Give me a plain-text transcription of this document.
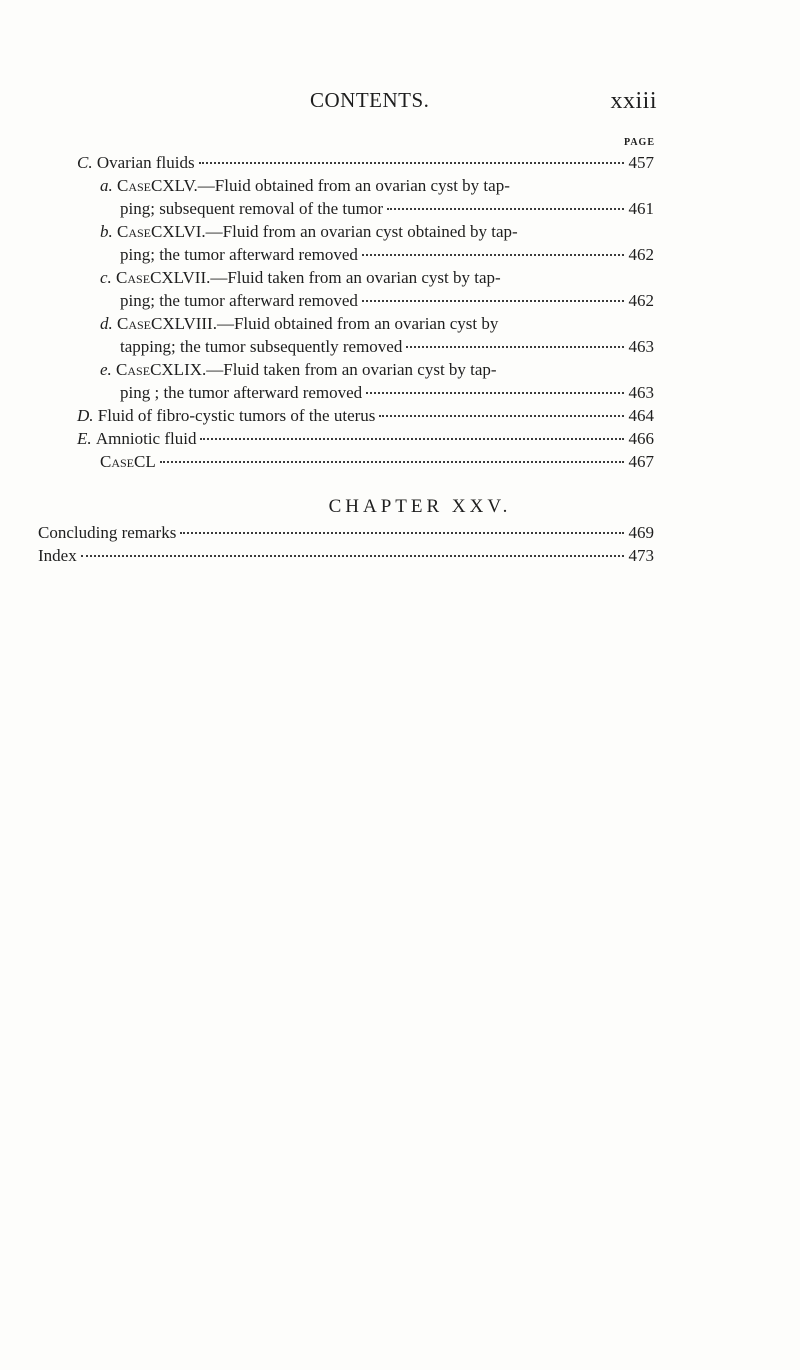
CONTENTS.	xxiii
PAGE
C.
Ovarian fluids	457
a.
Case CXLV.—Fluid obtained from an ovarian cyst by tap-
ping; subsequent removal of the tumor	461
b.
Case CXLVI.—Fluid from an ovarian cyst obtained by tap-
ping; the tumor afterward removed	462
c.
Case CXLVII.—Fluid taken from an ovarian cyst by tap-
ping; the tumor afterward removed	462
d.
Case CXLVIII.—Fluid obtained from an ovarian cyst by
tapping; the tumor subsequently removed	463
e.
Case CXLIX.—Fluid taken from an ovarian cyst by tap-
ping ; the tumor afterward removed	463
D.
Fluid of fibro-cystic tumors of the uterus	464
E.
Amniotic fluid	466
Case CL	467
CHAPTER XXV.
Concluding remarks	469
Index	473
